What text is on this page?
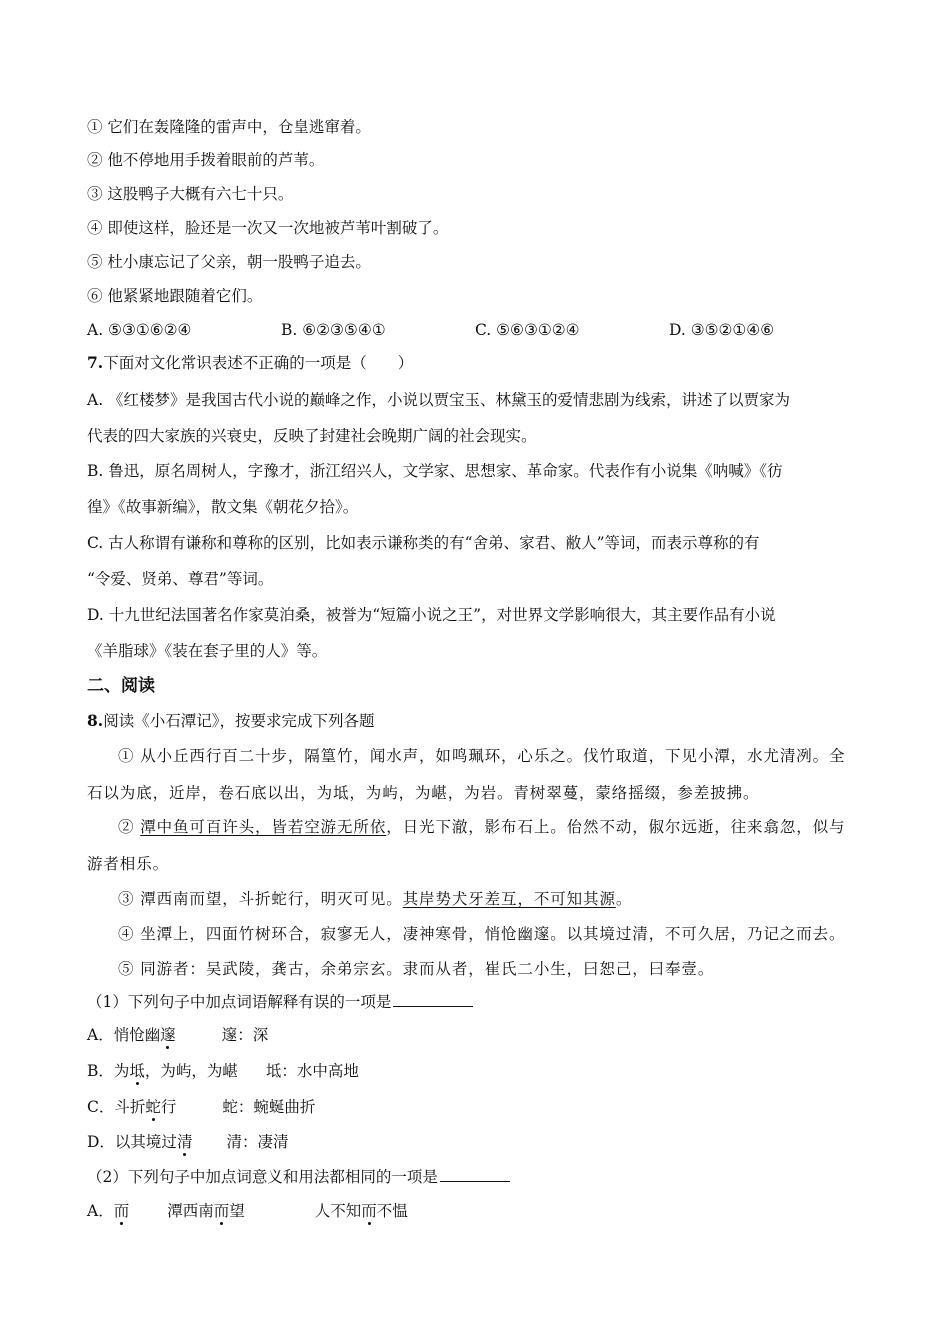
① 它们在轰隆隆的雷声中，仓皇逃窜着。
② 他不停地用手拨着眼前的芦苇。
③ 这股鸭子大概有六七十只。
④ 即使这样，脸还是一次又一次地被芦苇叶割破了。
⑤ 杜小康忘记了父亲，朝一股鸭子追去。
⑥ 他紧紧地跟随着它们。
A. ⑤③①⑥②④	B. ⑥②③⑤④①	C. ⑤⑥③①②④	D. ③⑤②①④⑥
7.下面对文化常识表述不正确的一项是（　　）
A. 《红楼梦》是我国古代小说的巅峰之作，小说以贾宝玉、林黛玉的爱情悲剧为线索，讲述了以贾家为
代表的四大家族的兴衰史，反映了封建社会晚期广阔的社会现实。
B. 鲁迅，原名周树人，字豫才，浙江绍兴人，文学家、思想家、革命家。代表作有小说集《呐喊》《彷
徨》《故事新编》，散文集《朝花夕拾》。
C. 古人称谓有谦称和尊称的区别，比如表示谦称类的有“舍弟、家君、敝人”等词，而表示尊称的有
“令爱、贤弟、尊君”等词。
D. 十九世纪法国著名作家莫泊桑，被誉为“短篇小说之王”，对世界文学影响很大，其主要作品有小说
《羊脂球》《装在套子里的人》等。
二、阅读
8.阅读《小石潭记》，按要求完成下列各题
① 从小丘西行百二十步，隔篁竹，闻水声，如鸣珮环，心乐之。伐竹取道，下见小潭，水尤清冽。全
石以为底，近岸，卷石底以出，为坻，为屿，为嵁，为岩。青树翠蔓，蒙络摇缀，参差披拂。
② 潭中鱼可百许头，皆若空游无所依，日光下澈，影布石上。佁然不动，俶尔远逝，往来翕忽，似与
游者相乐。
③ 潭西南而望，斗折蛇行，明灭可见。其岸势犬牙差互，不可知其源。
④ 坐潭上，四面竹树环合，寂寥无人，凄神寒骨，悄怆幽邃。以其境过清，不可久居，乃记之而去。
⑤ 同游者：吴武陵，龚古，余弟宗玄。隶而从者，崔氏二小生，曰恕己，曰奉壹。
（1）下列句子中加点词语解释有误的一项是
A．悄怆幽邃	邃：深
B．为坻，为屿，为嵁 坻：水中高地
C．斗折蛇行	蛇：蜿蜒曲折
D．以其境过清 清：凄清
（2）下列句子中加点词意义和用法都相同的一项是
A．而 潭西南而望	人不知而不愠
